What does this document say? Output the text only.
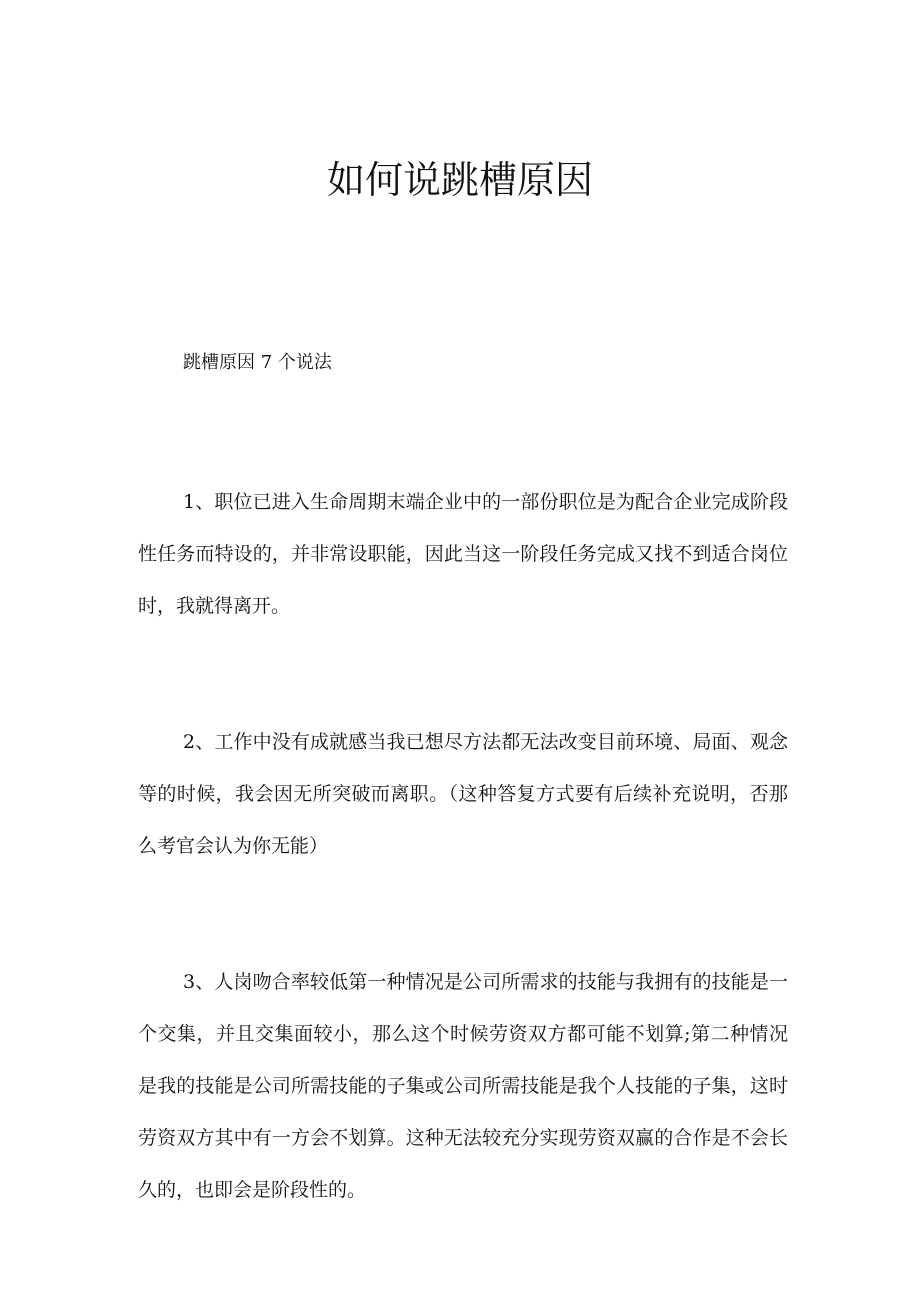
如何说跳槽原因

跳槽原因 7 个说法

1、职位已进入生命周期末端企业中的一部份职位是为配合企业完成阶段性任务而特设的，并非常设职能，因此当这一阶段任务完成又找不到适合岗位时，我就得离开。

2、工作中没有成就感当我已想尽方法都无法改变目前环境、局面、观念等的时候，我会因无所突破而离职。（这种答复方式要有后续补充说明，否那么考官会认为你无能）

3、人岗吻合率较低第一种情况是公司所需求的技能与我拥有的技能是一个交集，并且交集面较小，那么这个时候劳资双方都可能不划算;第二种情况是我的技能是公司所需技能的子集或公司所需技能是我个人技能的子集，这时劳资双方其中有一方会不划算。这种无法较充分实现劳资双赢的合作是不会长久的，也即会是阶段性的。
